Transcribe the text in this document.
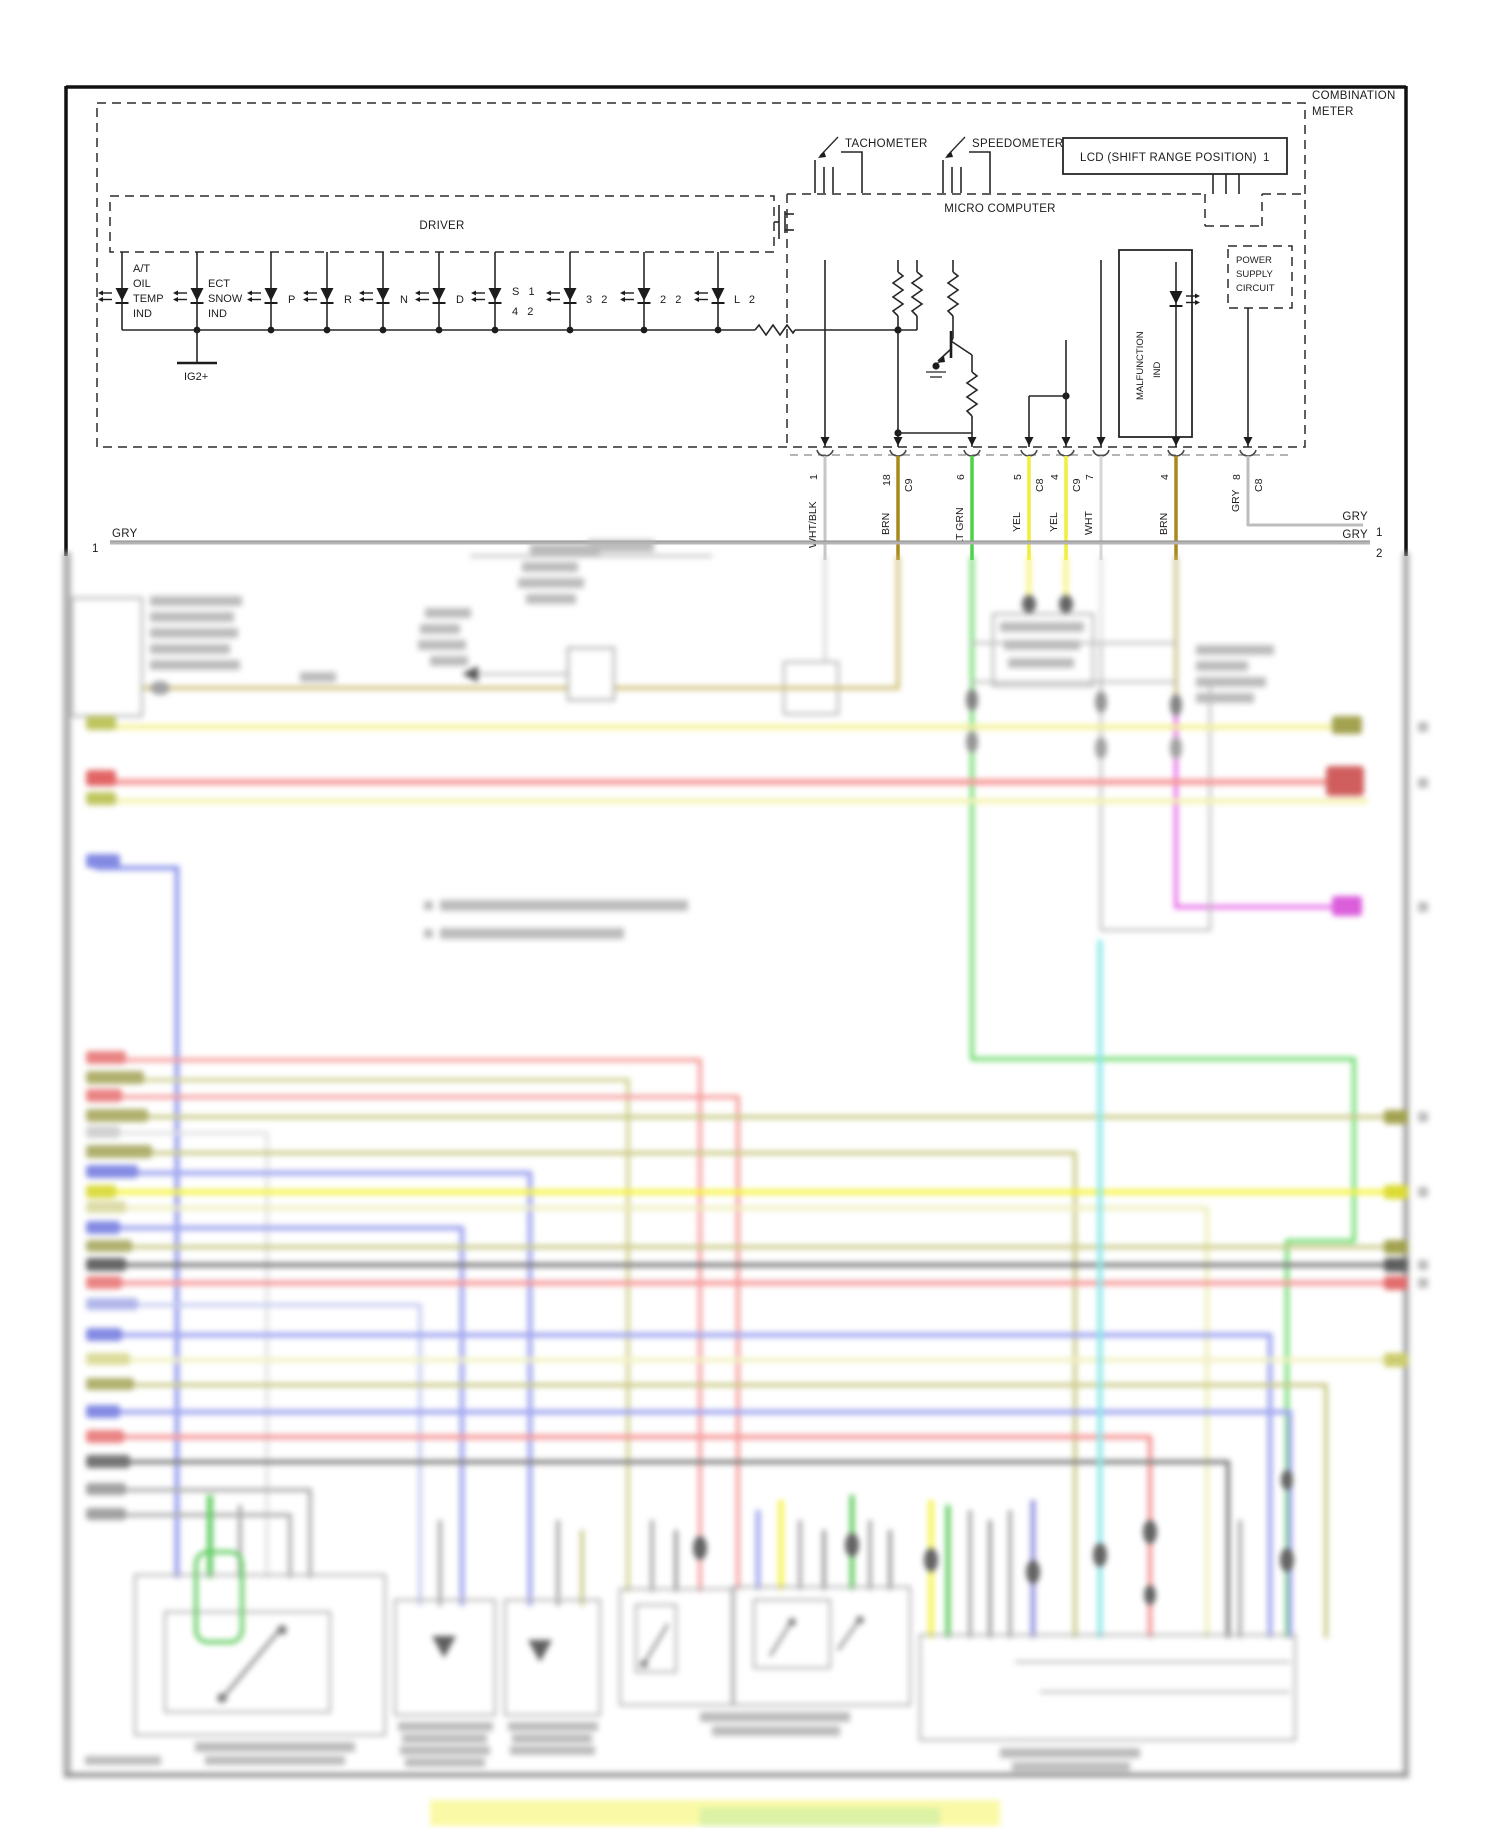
COMBINATION
METER
DRIVER
MICRO COMPUTER
TACHOMETER	SPEEDOMETER
LCD (SHIFT RANGE POSITION) 1
A/T OIL TEMP IND
ECT SNOW IND
P	R	N	D
S   1
4   2
3   2	2   2	L   2
IG2+	MALFUNCTION IND
POWER
SUPPLY
CIRCUIT
1	18 C9
6	5
C8
4
C9
7	4	8
C8
WHT/BLK	BRN	LT GRN	YEL YEL WHT	BRN
GRY
GRY
1
GRY
1
GRY
2
